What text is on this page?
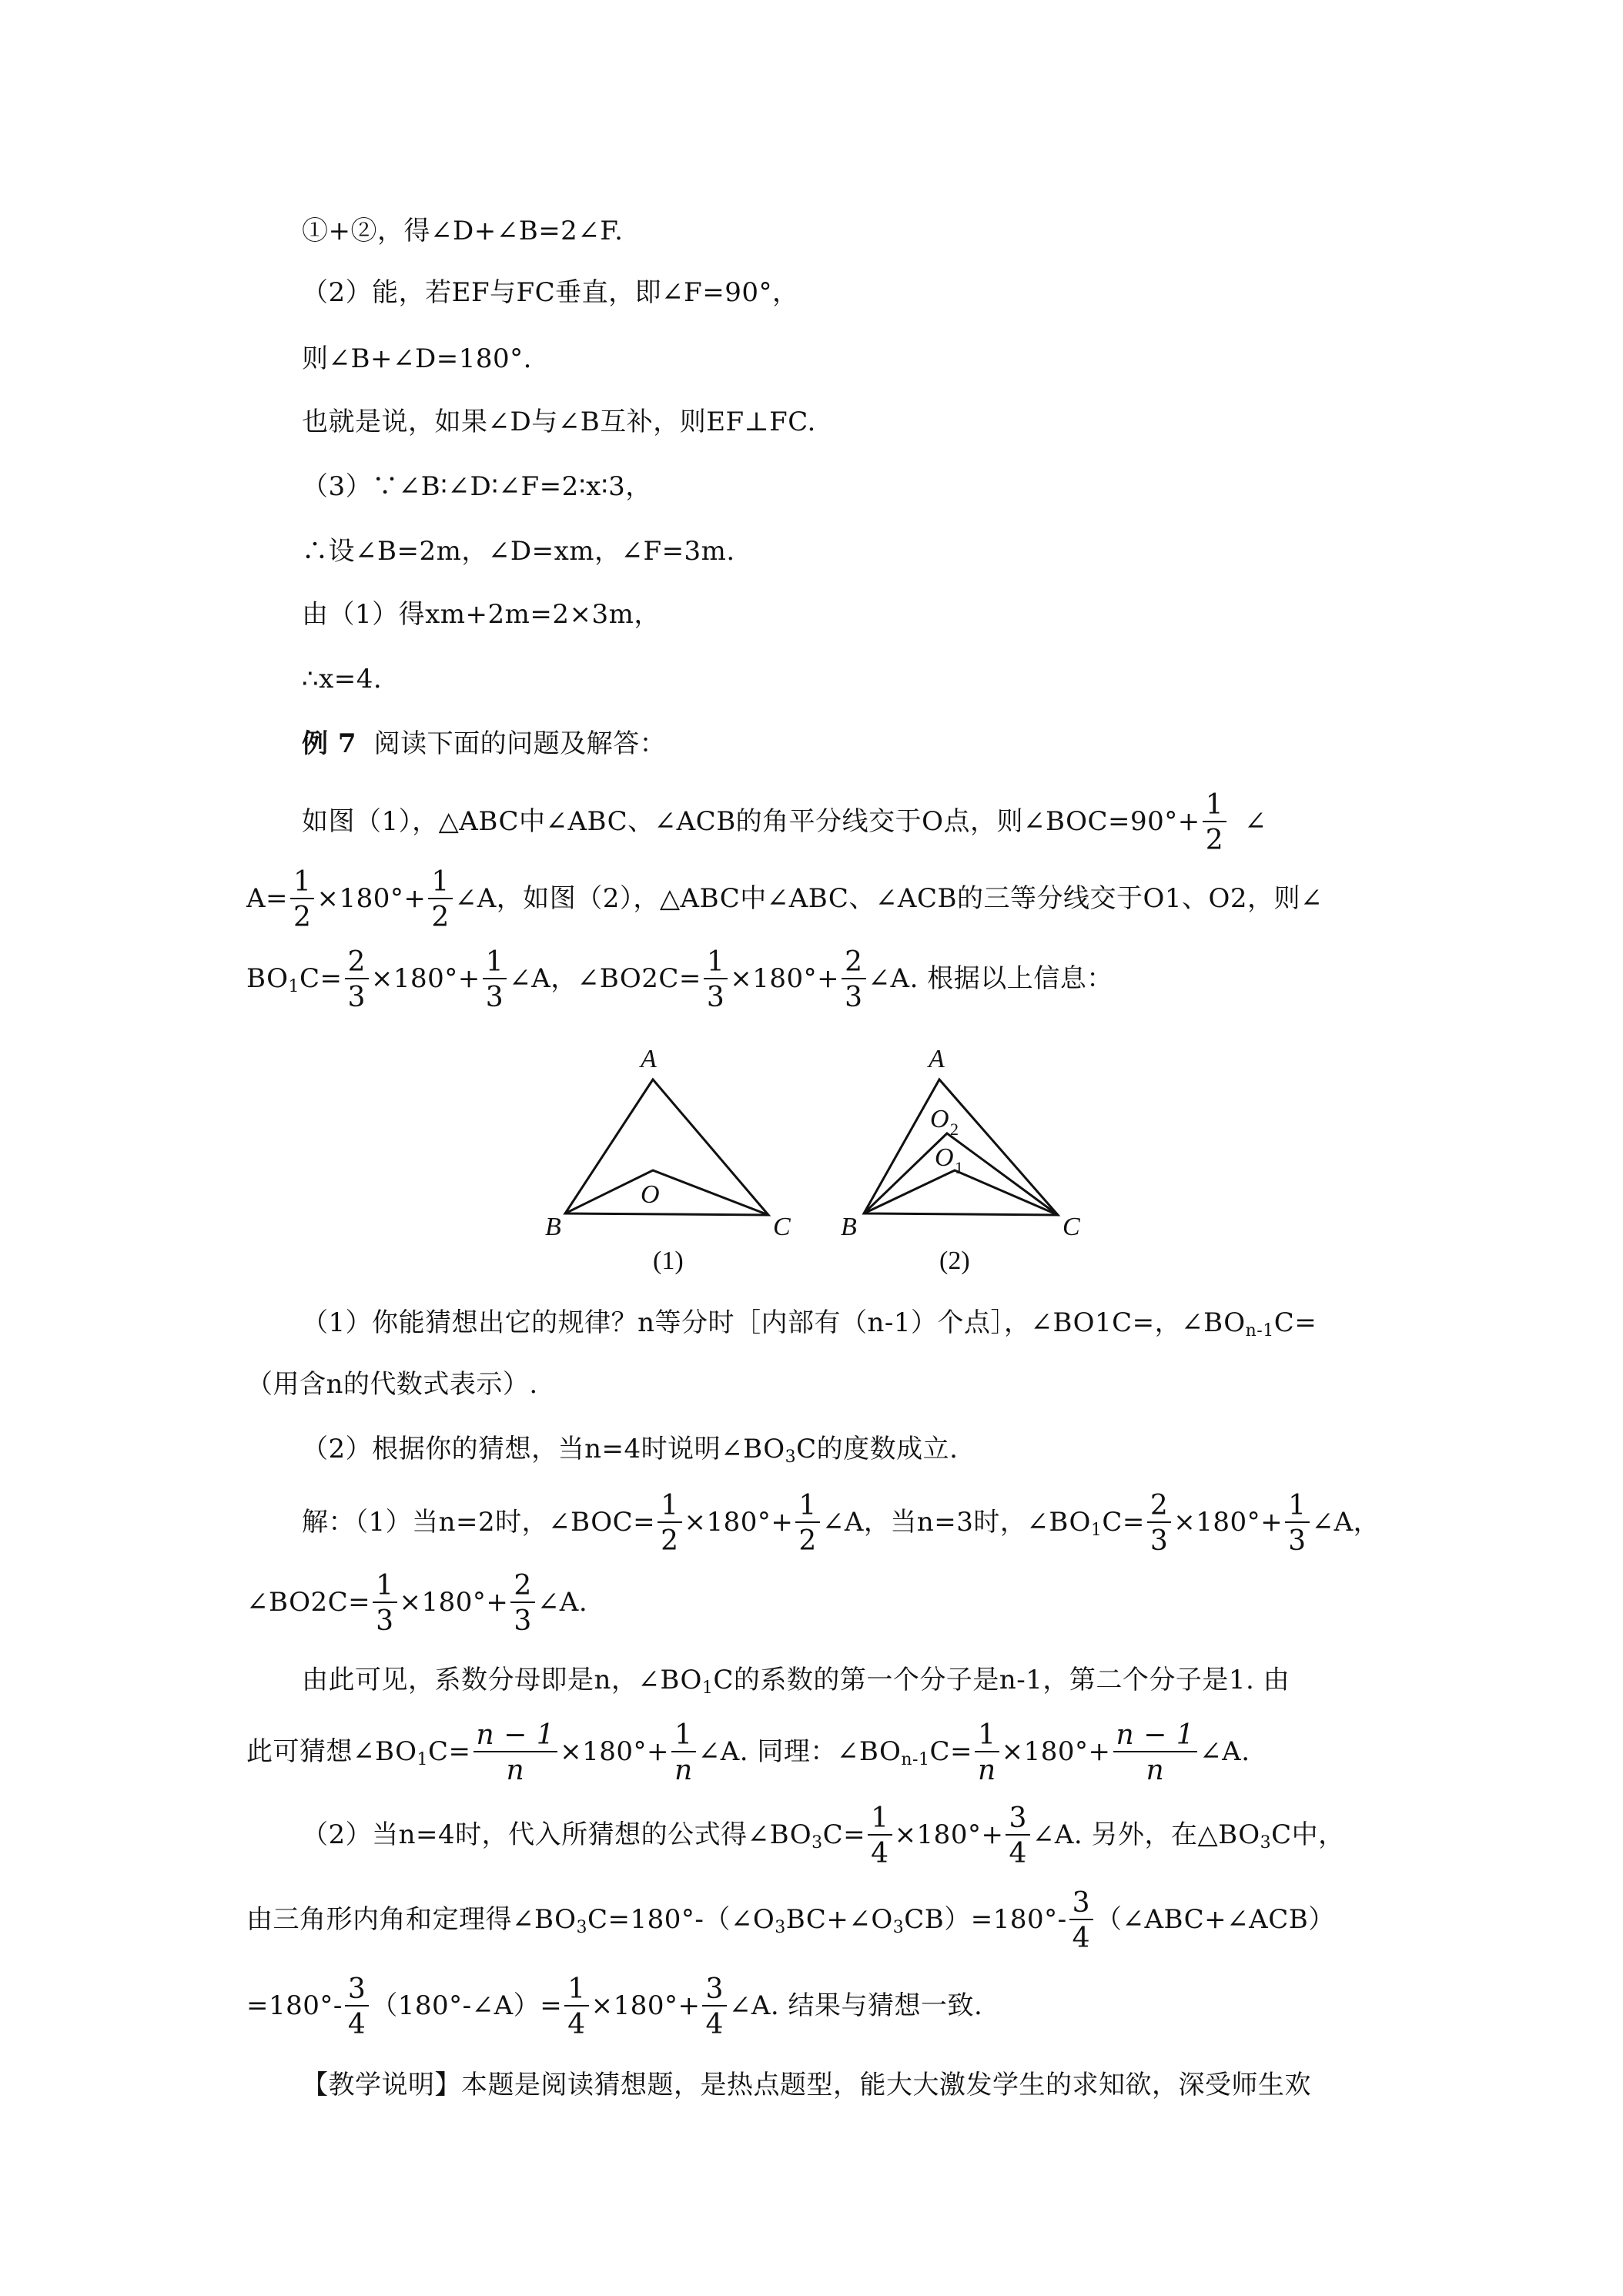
①+②，得∠D+∠B=2∠F.
（2）能，若EF与FC垂直，即∠F=90°，
则∠B+∠D=180°.
也就是说，如果∠D与∠B互补，则EF⊥FC.
（3）∵∠B∶∠D∶∠F=2∶x∶3，
∴设∠B=2m，∠D=xm，∠F=3m.
由（1）得xm+2m=2×3m，
∴x=4.
例 7 阅读下面的问题及解答：
如图（1），△ABC中∠ABC、∠ACB的角平分线交于O点，则∠BOC=90°+ $\frac{1}{2}$ ∠
$A= \frac{1}{2} \times 180^\circ+ \frac{1}{2}$ ∠A，如图（2），△ABC中∠ABC、∠ACB的三等分线交于O1、O2，则∠
$BO_1C= \frac{2}{3} \times 180^\circ+ \frac{1}{3}$ ∠A，∠BO2C= $\frac{1}{3} \times 180^\circ+ \frac{2}{3}$ ∠A. 根据以上信息：
A
B	C
O
(1)
A
B	C
O 2
O 1
(2)
（1）你能猜想出它的规律？n等分时［内部有（n-1）个点］，∠BO1C=，$\angle BO_{n-1}C=$
（用含n的代数式表示）.
（2）根据你的猜想，当n=4时说明$\angle BO_3C$的度数成立.
解：（1）当n=2时，∠BOC= $\frac{1}{2} \times 180^\circ+ \frac{1}{2}$ ∠A，当n=3时，$\angle BO_1C= \frac{2}{3} \times 180^\circ+ \frac{1}{3}$ ∠A，
∠BO2C= $\frac{1}{3} \times 180^\circ+ \frac{2}{3}$ ∠A.
由此可见，系数分母即是n，$\angle BO_1C$的系数的第一个分子是n-1，第二个分子是1. 由
此可猜想$\angle BO_1C= \frac{n - 1}{n} \times 180^\circ+ \frac{1}{n}$ ∠A. 同理：$\angle BO_{n-1}C= \frac{1}{n} \times 180^\circ+ \frac{n - 1}{n}$ ∠A.
（2）当n=4时，代入所猜想的公式得$\angle BO_3C= \frac{1}{4} \times 180^\circ+ \frac{3}{4}$ ∠A. 另外，在$\triangle BO_3C$中，
由三角形内角和定理得$\angle BO_3C=180^\circ-(\angle O_3BC+\angle O_3CB)=180^\circ- \frac{3}{4}$ （∠ABC+∠ACB）
$=180^\circ- \frac{3}{4}$ （180°-∠A）= $\frac{1}{4} \times 180^\circ+ \frac{3}{4}$ ∠A. 结果与猜想一致.
【教学说明】本题是阅读猜想题，是热点题型，能大大激发学生的求知欲，深受师生欢
